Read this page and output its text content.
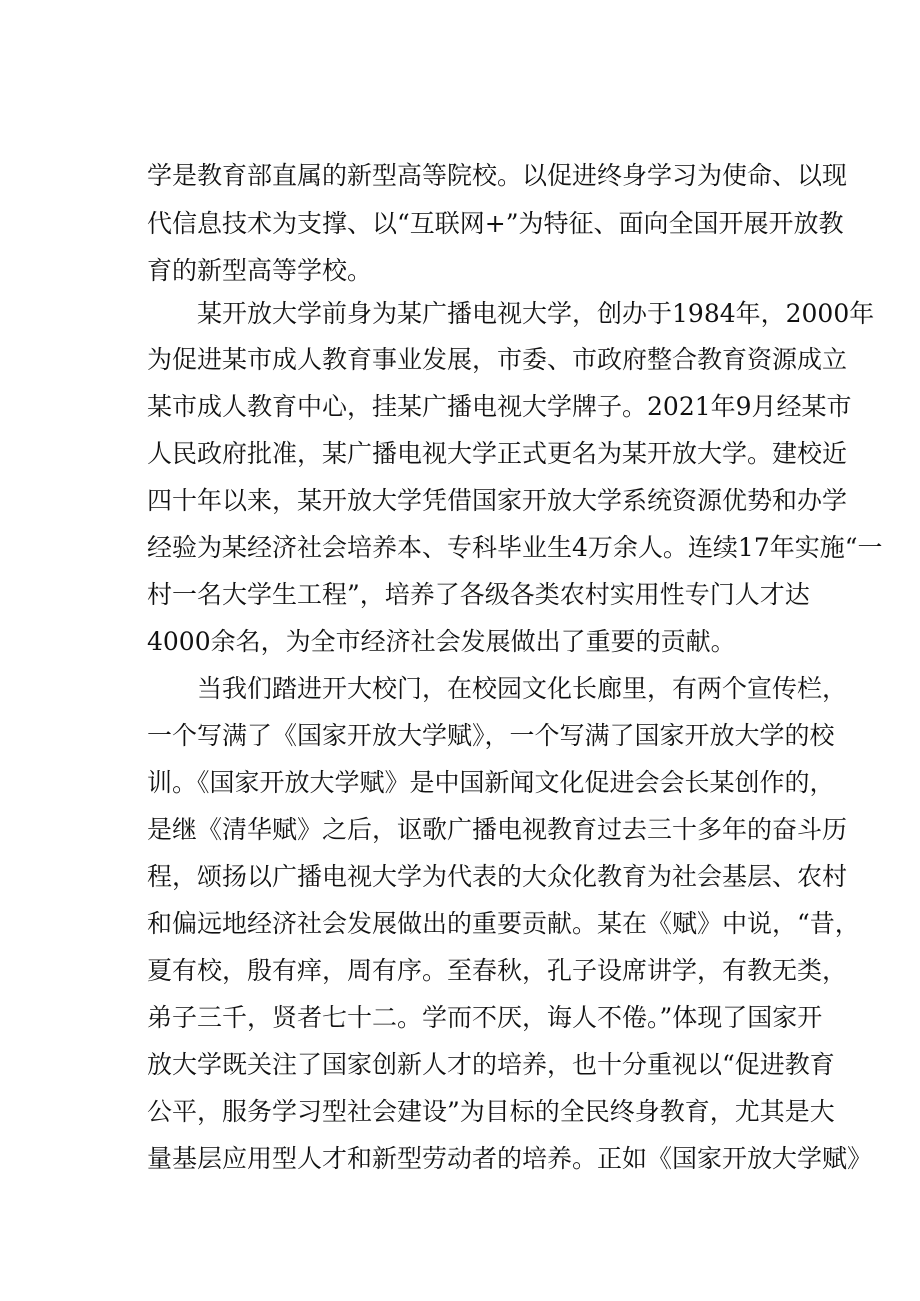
学是教育部直属的新型高等院校。以促进终身学习为使命、以现
代信息技术为支撑、以“互联网+”为特征、面向全国开展开放教
育的新型高等学校。
某开放大学前身为某广播电视大学，创办于1984年，2000年
为促进某市成人教育事业发展，市委、市政府整合教育资源成立
某市成人教育中心，挂某广播电视大学牌子。2021年9月经某市
人民政府批准，某广播电视大学正式更名为某开放大学。建校近
四十年以来，某开放大学凭借国家开放大学系统资源优势和办学
经验为某经济社会培养本、专科毕业生4万余人。连续17年实施“一
村一名大学生工程”，培养了各级各类农村实用性专门人才达
4000余名，为全市经济社会发展做出了重要的贡献。
当我们踏进开大校门，在校园文化长廊里，有两个宣传栏，
一个写满了《国家开放大学赋》，一个写满了国家开放大学的校
训。《国家开放大学赋》是中国新闻文化促进会会长某创作的，
是继《清华赋》之后，讴歌广播电视教育过去三十多年的奋斗历
程，颂扬以广播电视大学为代表的大众化教育为社会基层、农村
和偏远地经济社会发展做出的重要贡献。某在《赋》中说，“昔，
夏有校，殷有痒，周有序。至春秋，孔子设席讲学，有教无类，
弟子三千，贤者七十二。学而不厌，诲人不倦。”体现了国家开
放大学既关注了国家创新人才的培养，也十分重视以“促进教育
公平，服务学习型社会建设”为目标的全民终身教育，尤其是大
量基层应用型人才和新型劳动者的培养。正如《国家开放大学赋》
